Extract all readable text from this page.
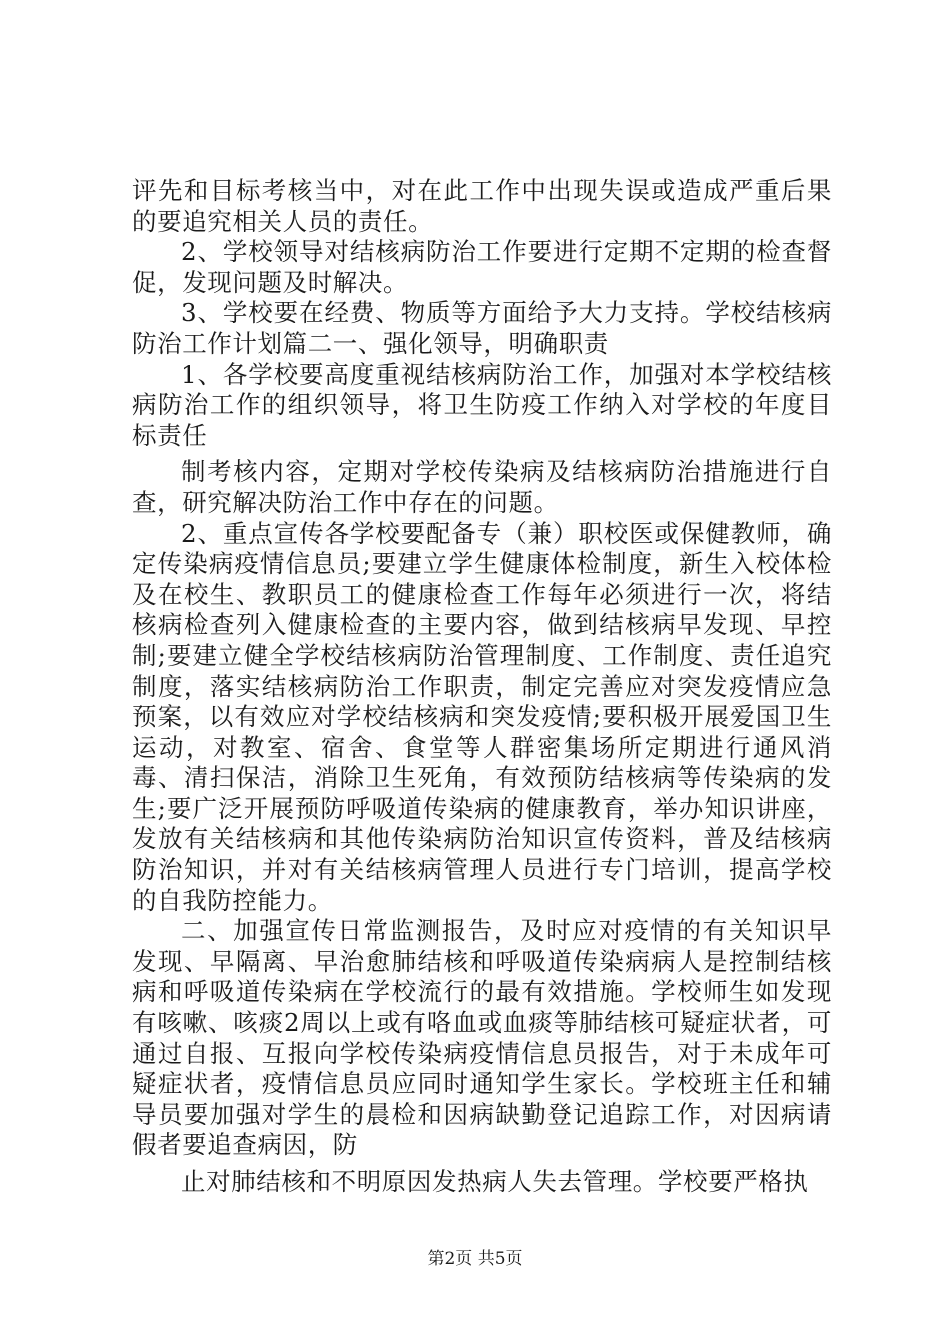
评先和目标考核当中，对在此工作中出现失误或造成严重后果的要追究相关人员的责任。

2、学校领导对结核病防治工作要进行定期不定期的检查督促，发现问题及时解决。

3、学校要在经费、物质等方面给予大力支持。学校结核病防治工作计划篇二一、强化领导，明确职责

1、各学校要高度重视结核病防治工作，加强对本学校结核病防治工作的组织领导，将卫生防疫工作纳入对学校的年度目标责任

制考核内容，定期对学校传染病及结核病防治措施进行自查，研究解决防治工作中存在的问题。

2、重点宣传各学校要配备专（兼）职校医或保健教师，确定传染病疫情信息员;要建立学生健康体检制度，新生入校体检及在校生、教职员工的健康检查工作每年必须进行一次，将结核病检查列入健康检查的主要内容，做到结核病早发现、早控制;要建立健全学校结核病防治管理制度、工作制度、责任追究制度，落实结核病防治工作职责，制定完善应对突发疫情应急预案，以有效应对学校结核病和突发疫情;要积极开展爱国卫生运动，对教室、宿舍、食堂等人群密集场所定期进行通风消毒、清扫保洁，消除卫生死角，有效预防结核病等传染病的发生;要广泛开展预防呼吸道传染病的健康教育，举办知识讲座，发放有关结核病和其他传染病防治知识宣传资料，普及结核病防治知识，并对有关结核病管理人员进行专门培训，提高学校的自我防控能力。

二、加强宣传日常监测报告，及时应对疫情的有关知识早发现、早隔离、早治愈肺结核和呼吸道传染病病人是控制结核病和呼吸道传染病在学校流行的最有效措施。学校师生如发现有咳嗽、咳痰2周以上或有咯血或血痰等肺结核可疑症状者，可通过自报、互报向学校传染病疫情信息员报告，对于未成年可疑症状者，疫情信息员应同时通知学生家长。学校班主任和辅导员要加强对学生的晨检和因病缺勤登记追踪工作，对因病请假者要追查病因，防

止对肺结核和不明原因发热病人失去管理。学校要严格执

第2页 共5页
